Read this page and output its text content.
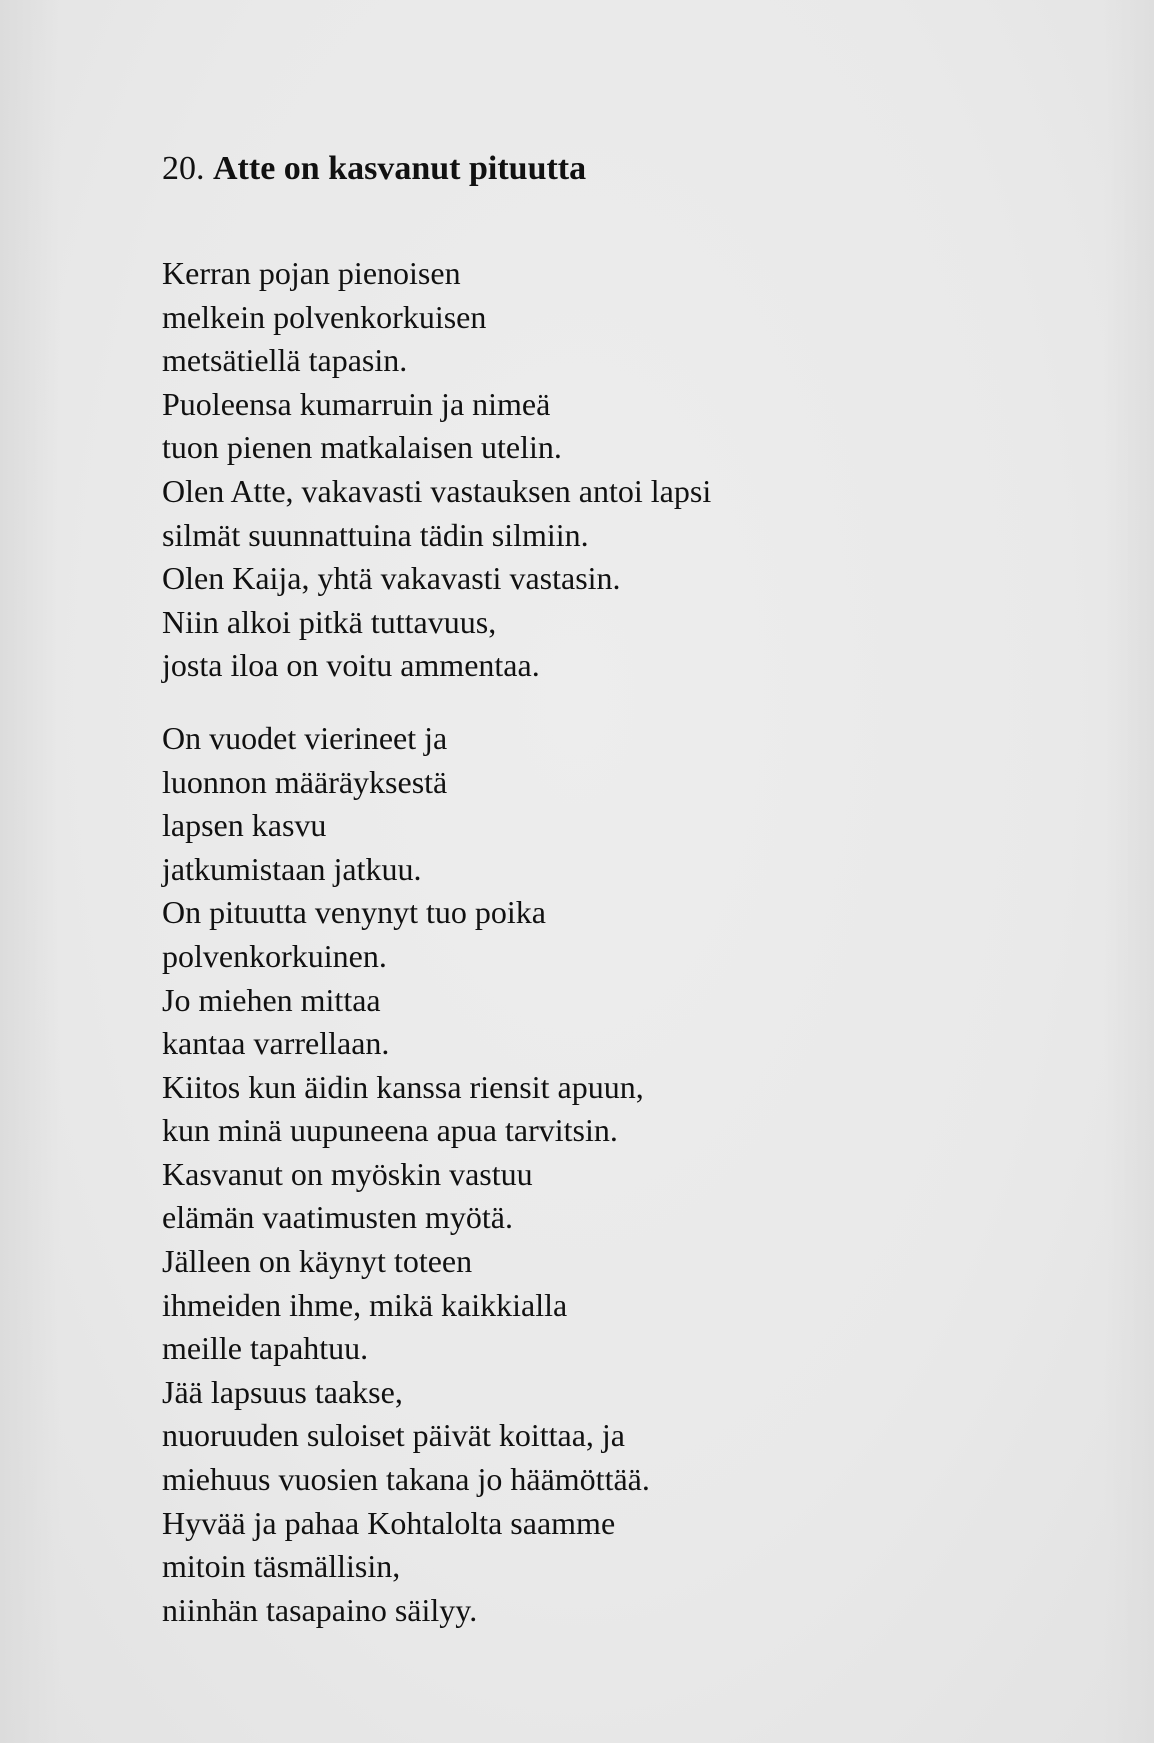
20. Atte on kasvanut pituutta

Kerran pojan pienoisen
melkein polvenkorkuisen
metsätiellä tapasin.
Puoleensa kumarruin ja nimeä
tuon pienen matkalaisen utelin.
Olen Atte, vakavasti vastauksen antoi lapsi
silmät suunnattuina tädin silmiin.
Olen Kaija, yhtä vakavasti vastasin.
Niin alkoi pitkä tuttavuus,
josta iloa on voitu ammentaa.

On vuodet vierineet ja
luonnon määräyksestä
lapsen kasvu
jatkumistaan jatkuu.
On pituutta venynyt tuo poika
polvenkorkuinen.
Jo miehen mittaa
kantaa varrellaan.
Kiitos kun äidin kanssa riensit apuun,
kun minä uupuneena apua tarvitsin.
Kasvanut on myöskin vastuu
elämän vaatimusten myötä.
Jälleen on käynyt toteen
ihmeiden ihme, mikä kaikkialla
meille tapahtuu.
Jää lapsuus taakse,
nuoruuden suloiset päivät koittaa, ja
miehuus vuosien takana jo häämöttää.
Hyvää ja pahaa Kohtalolta saamme
mitoin täsmällisin,
niinhän tasapaino säilyy.
